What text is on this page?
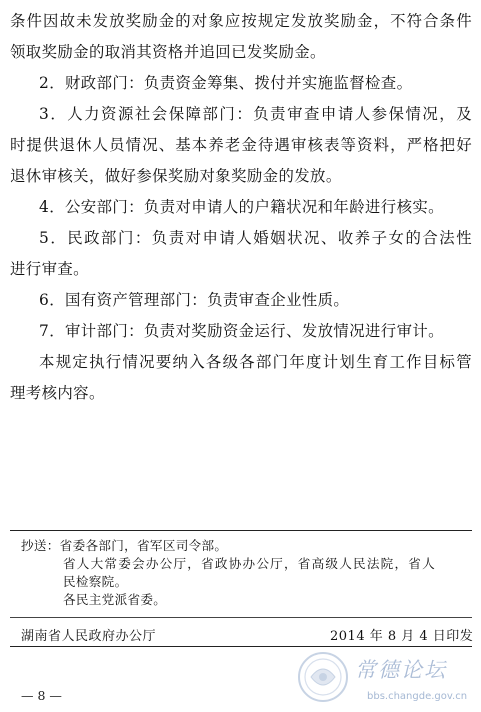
条件因故未发放奖励金的对象应按规定发放奖励金，不符合条件
领取奖励金的取消其资格并追回已发奖励金。
2．财政部门：负责资金筹集、拨付并实施监督检查。
3．人力资源社会保障部门：负责审查申请人参保情况，及
时提供退休人员情况、基本养老金待遇审核表等资料，严格把好
退休审核关，做好参保奖励对象奖励金的发放。
4．公安部门：负责对申请人的户籍状况和年龄进行核实。
5．民政部门：负责对申请人婚姻状况、收养子女的合法性
进行审查。
6．国有资产管理部门：负责审查企业性质。
7．审计部门：负责对奖励资金运行、发放情况进行审计。
本规定执行情况要纳入各级各部门年度计划生育工作目标管
理考核内容。
抄送：省委各部门，省军区司令部。
省人大常委会办公厅，省政协办公厅，省高级人民法院，省人
民检察院。
各民主党派省委。
湖南省人民政府办公厅	2014 年 8 月 4 日印发
— 8 —
常德论坛
bbs.changde.gov.cn
